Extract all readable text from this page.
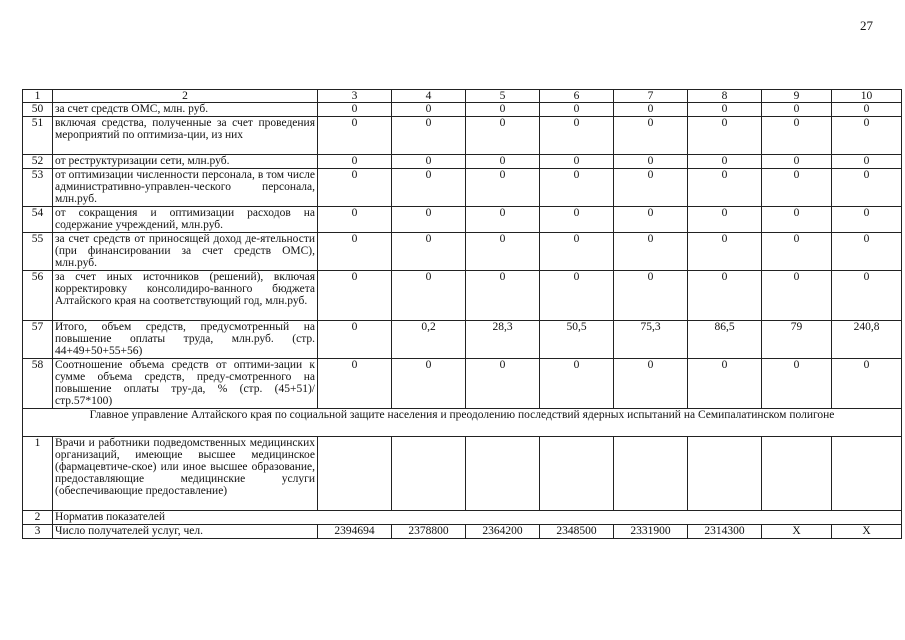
27
1	2	3	4	5	6	7	8	9	10
50	за счет средств ОМС, млн. руб.	0	0	0	0	0	0	0	0
51	включая средства, полученные за счет проведения мероприятий по оптимиза-ции, из них	0	0	0	0	0	0	0	0
52	от реструктуризации сети, млн.руб.	0	0	0	0	0	0	0	0
53	от оптимизации численности персонала, в том числе административно-управлен-ческого персонала, млн.руб.	0	0	0	0	0	0	0	0
54	от сокращения и оптимизации расходов на содержание учреждений, млн.руб.	0	0	0	0	0	0	0	0
55	за счет средств от приносящей доход де-ятельности (при финансировании за счет средств ОМС), млн.руб.	0	0	0	0	0	0	0	0
56	за счет иных источников (решений), включая корректировку консолидиро-ванного бюджета Алтайского края на соответствующий год, млн.руб.	0	0	0	0	0	0	0	0
57	Итого, объем средств, предусмотренный на повышение оплаты труда, млн.руб. (стр. 44+49+50+55+56)	0	0,2	28,3	50,5	75,3	86,5	79	240,8
58	Соотношение объема средств от оптими-зации к сумме объема средств, преду-смотренного на повышение оплаты тру-да, % (стр. (45+51)/стр.57*100)	0	0	0	0	0	0	0	0
Главное управление Алтайского края по социальной защите населения и преодолению последствий ядерных испытаний на Семипалатинском полигоне									
1	Врачи и работники подведомственных медицинских организаций, имеющие высшее медицинское (фармацевтиче-ское) или иное высшее образование, предоставляющие медицинские услуги (обеспечивающие предоставление)								
2	Норматив показателей								
3	Число получателей услуг, чел.	2394694	2378800	2364200	2348500	2331900	2314300	Х	Х
